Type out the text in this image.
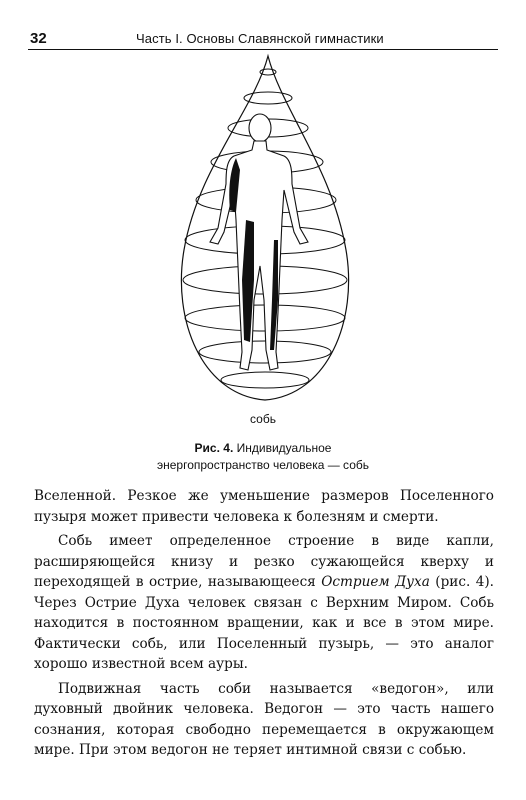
32	Часть I. Основы Славянской гимнастики
собь
Рис. 4. Индивидуальное
энергопространство человека — собь

Вселенной. Резкое же уменьшение размеров Поселенного пузыря может привести человека к болезням и смерти.

Собь имеет определенное строение в виде капли, расширяющейся книзу и резко сужающейся кверху и переходящей в острие, называющееся Острием Духа (рис. 4). Через Острие Духа человек связан с Верхним Миром. Собь находится в постоянном вращении, как и все в этом мире. Фактически собь, или Поселенный пузырь, — это аналог хорошо известной всем ауры.

Подвижная часть соби называется «ведогон», или духовный двойник человека. Ведогон — это часть нашего сознания, которая свободно перемещается в окружающем мире. При этом ведогон не теряет интимной связи с собью.
